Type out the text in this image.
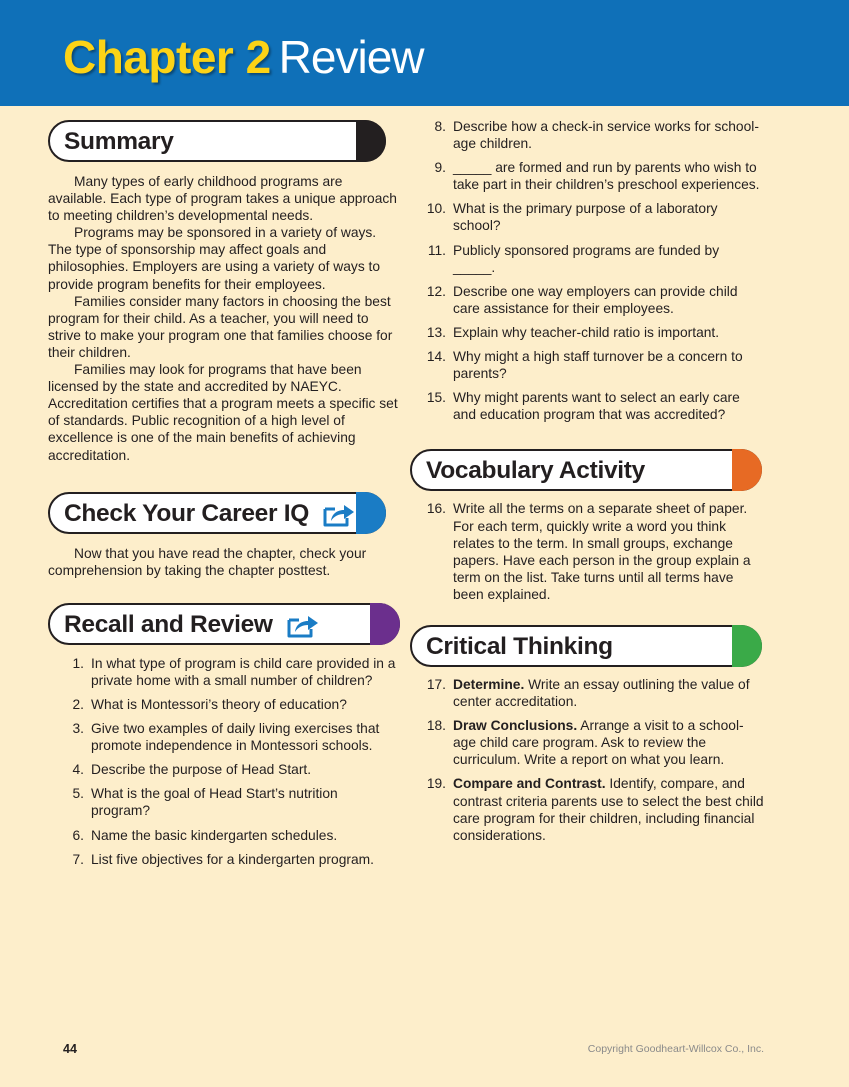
Chapter 2 Review
Summary

Many types of early childhood programs are available. Each type of program takes a unique approach to meeting children’s developmental needs.

Programs may be sponsored in a variety of ways. The type of sponsorship may affect goals and philosophies. Employers are using a variety of ways to provide program benefits for their employees.

Families consider many factors in choosing the best program for their child. As a teacher, you will need to strive to make your program one that families choose for their children.

Families may look for programs that have been licensed by the state and accredited by NAEYC. Accreditation certifies that a program meets a specific set of standards. Public recognition of a high level of excellence is one of the main benefits of achieving accreditation.

Check Your Career IQ

Now that you have read the chapter, check your comprehension by taking the chapter posttest.

Recall and Review
1. In what type of program is child care provided in a private home with a small number of children?
2. What is Montessori’s theory of education?
3. Give two examples of daily living exercises that promote independence in Montessori schools.
4. Describe the purpose of Head Start.
5. What is the goal of Head Start’s nutrition program?
6. Name the basic kindergarten schedules.
7. List five objectives for a kindergarten program.
8. Describe how a check-in service works for school-age children.
9. _____ are formed and run by parents who wish to take part in their children’s preschool experiences.
10. What is the primary purpose of a laboratory school?
11. Publicly sponsored programs are funded by _____.
12. Describe one way employers can provide child care assistance for their employees.
13. Explain why teacher-child ratio is important.
14. Why might a high staff turnover be a concern to parents?
15. Why might parents want to select an early care and education program that was accredited?
Vocabulary Activity
16. Write all the terms on a separate sheet of paper. For each term, quickly write a word you think relates to the term. In small groups, exchange papers. Have each person in the group explain a term on the list. Take turns until all terms have been explained.
Critical Thinking
17. Determine. Write an essay outlining the value of center accreditation.
18. Draw Conclusions. Arrange a visit to a school-age child care program. Ask to review the curriculum. Write a report on what you learn.
19. Compare and Contrast. Identify, compare, and contrast criteria parents use to select the best child care program for their children, including financial considerations.
44	Copyright Goodheart-Willcox Co., Inc.
